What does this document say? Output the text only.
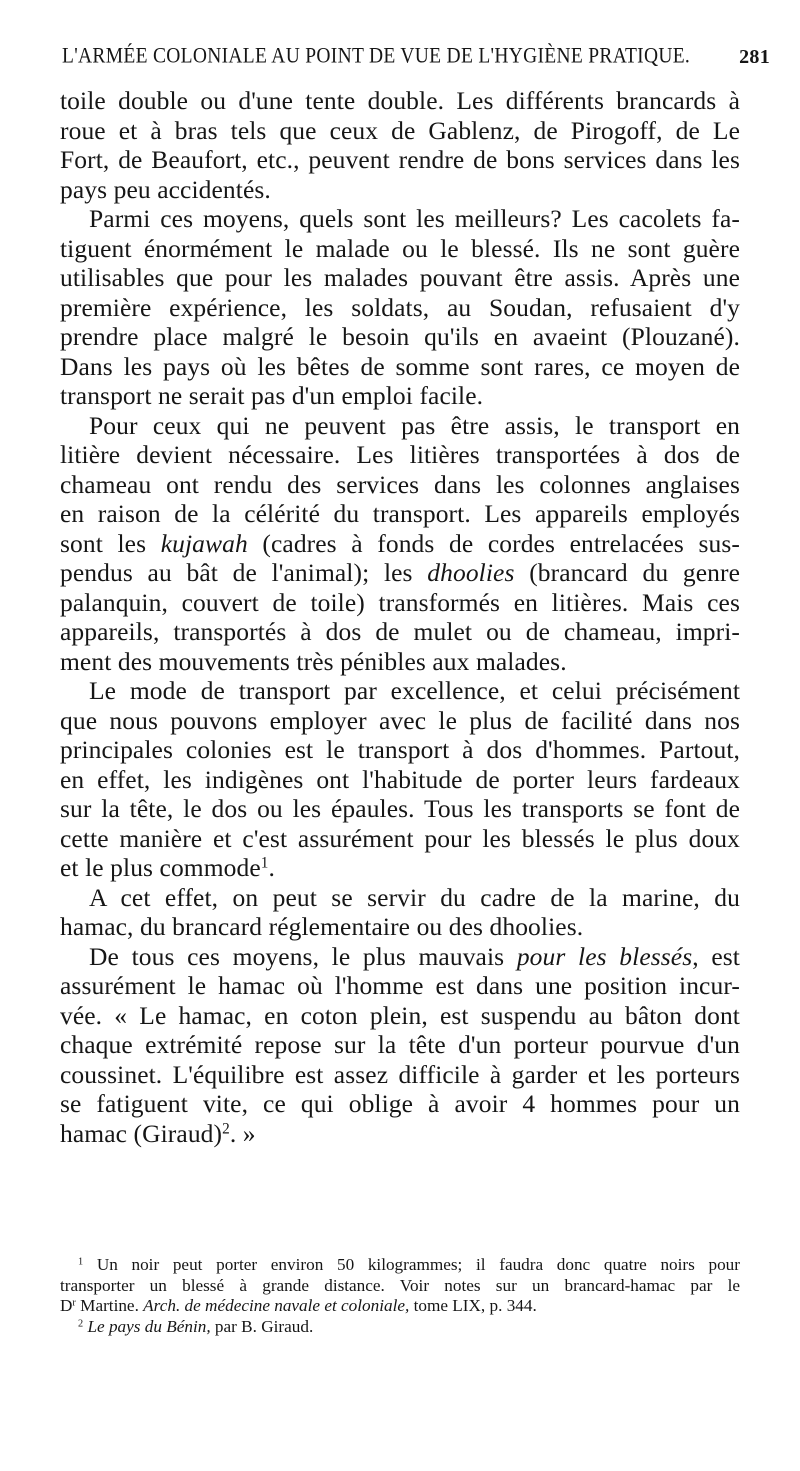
L'ARMÉE COLONIALE AU POINT DE VUE DE L'HYGIÈNE PRATIQUE. 281
toile double ou d'une tente double. Les différents brancards à
roue et à bras tels que ceux de Gablenz, de Pirogoff, de Le
Fort, de Beaufort, etc., peuvent rendre de bons services dans les
pays peu accidentés.
Parmi ces moyens, quels sont les meilleurs? Les cacolets fa-
tiguent énormément le malade ou le blessé. Ils ne sont guère
utilisables que pour les malades pouvant être assis. Après une
première expérience, les soldats, au Soudan, refusaient d'y
prendre place malgré le besoin qu'ils en avaeint (Plouzané).
Dans les pays où les bêtes de somme sont rares, ce moyen de
transport ne serait pas d'un emploi facile.
Pour ceux qui ne peuvent pas être assis, le transport en
litière devient nécessaire. Les litières transportées à dos de
chameau ont rendu des services dans les colonnes anglaises
en raison de la célérité du transport. Les appareils employés
sont les kujawah (cadres à fonds de cordes entrelacées sus-
pendus au bât de l'animal); les dhoolies (brancard du genre
palanquin, couvert de toile) transformés en litières. Mais ces
appareils, transportés à dos de mulet ou de chameau, impri-
ment des mouvements très pénibles aux malades.
Le mode de transport par excellence, et celui précisément
que nous pouvons employer avec le plus de facilité dans nos
principales colonies est le transport à dos d'hommes. Partout,
en effet, les indigènes ont l'habitude de porter leurs fardeaux
sur la tête, le dos ou les épaules. Tous les transports se font de
cette manière et c'est assurément pour les blessés le plus doux
et le plus commode$^1$.
A cet effet, on peut se servir du cadre de la marine, du
hamac, du brancard réglementaire ou des dhoolies.
De tous ces moyens, le plus mauvais pour les blessés, est
assurément le hamac où l'homme est dans une position incur-
vée. « Le hamac, en coton plein, est suspendu au bâton dont
chaque extrémité repose sur la tête d'un porteur pourvue d'un
coussinet. L'équilibre est assez difficile à garder et les porteurs
se fatiguent vite, ce qui oblige à avoir 4 hommes pour un
hamac (Giraud)$^2$. »
$^1$ Un noir peut porter environ 50 kilogrammes; il faudra donc quatre noirs pour
transporter un blessé à grande distance. Voir notes sur un brancard-hamac par le
$D^r$ Martine. Arch. de médecine navale et coloniale, tome LIX, p. 344.
$^2$ Le pays du Bénin, par B. Giraud.
